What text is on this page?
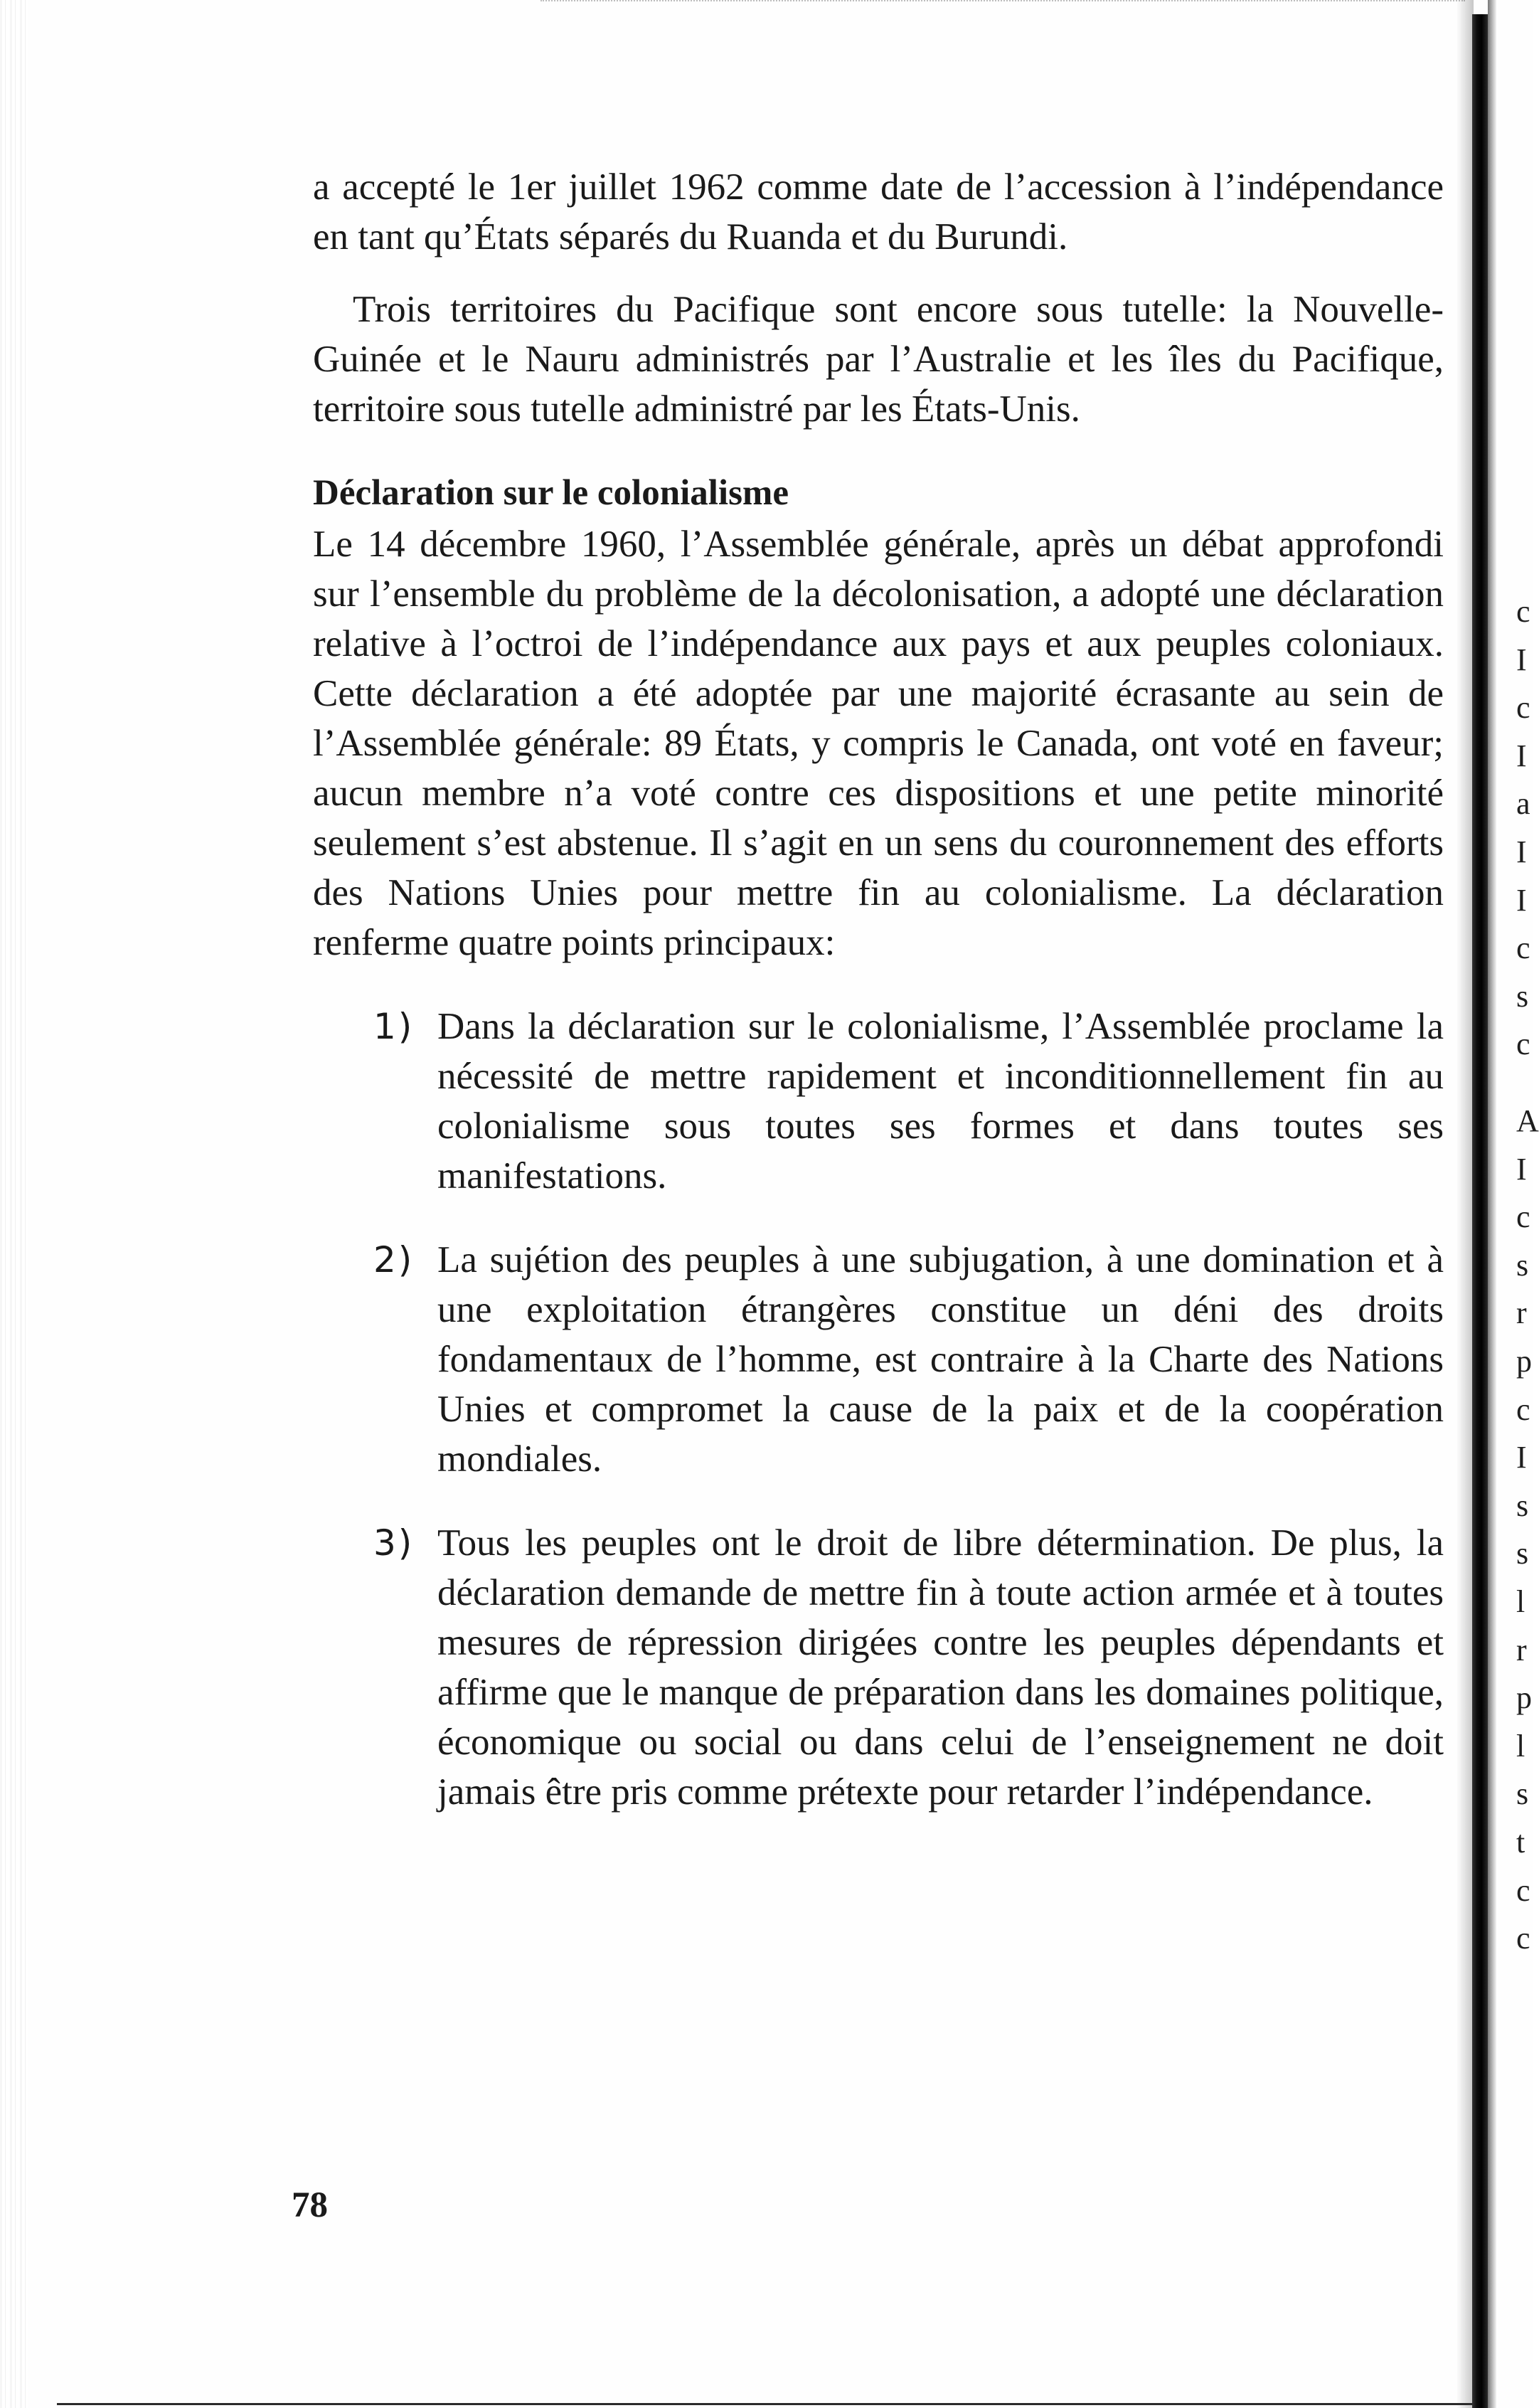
a accepté le 1er juillet 1962 comme date de l’accession à l’indépendance en tant qu’États séparés du Ruanda et du Burundi.

Trois territoires du Pacifique sont encore sous tutelle: la Nouvelle-Guinée et le Nauru administrés par l’Australie et les îles du Pacifique, territoire sous tutelle administré par les États-Unis.

Déclaration sur le colonialisme

Le 14 décembre 1960, l’Assemblée générale, après un débat approfondi sur l’ensemble du problème de la décolonisation, a adopté une déclaration relative à l’octroi de l’indépendance aux pays et aux peuples coloniaux. Cette déclaration a été adoptée par une majorité écrasante au sein de l’Assemblée générale: 89 États, y compris le Canada, ont voté en faveur; aucun membre n’a voté contre ces dispositions et une petite minorité seulement s’est abstenue. Il s’agit en un sens du couronnement des efforts des Nations Unies pour mettre fin au colonialisme. La déclaration renferme quatre points principaux:

1) Dans la déclaration sur le colonialisme, l’Assemblée proclame la nécessité de mettre rapidement et inconditionnellement fin au colonialisme sous toutes ses formes et dans toutes ses manifestations.
2) La sujétion des peuples à une subjugation, à une domination et à une exploitation étrangères constitue un déni des droits fondamentaux de l’homme, est contraire à la Charte des Nations Unies et compromet la cause de la paix et de la coopération mondiales.
3) Tous les peuples ont le droit de libre détermination. De plus, la déclaration demande de mettre fin à toute action armée et à toutes mesures de répression dirigées contre les peuples dépendants et affirme que le manque de préparation dans les domaines politique, économique ou social ou dans celui de l’enseignement ne doit jamais être pris comme prétexte pour retarder l’indépendance.
78
c
I
c
I
a
I
I
c
s
c
A
I
c
s
r
p
c
I
s
s
l
r
p
l
s
t
c
c
